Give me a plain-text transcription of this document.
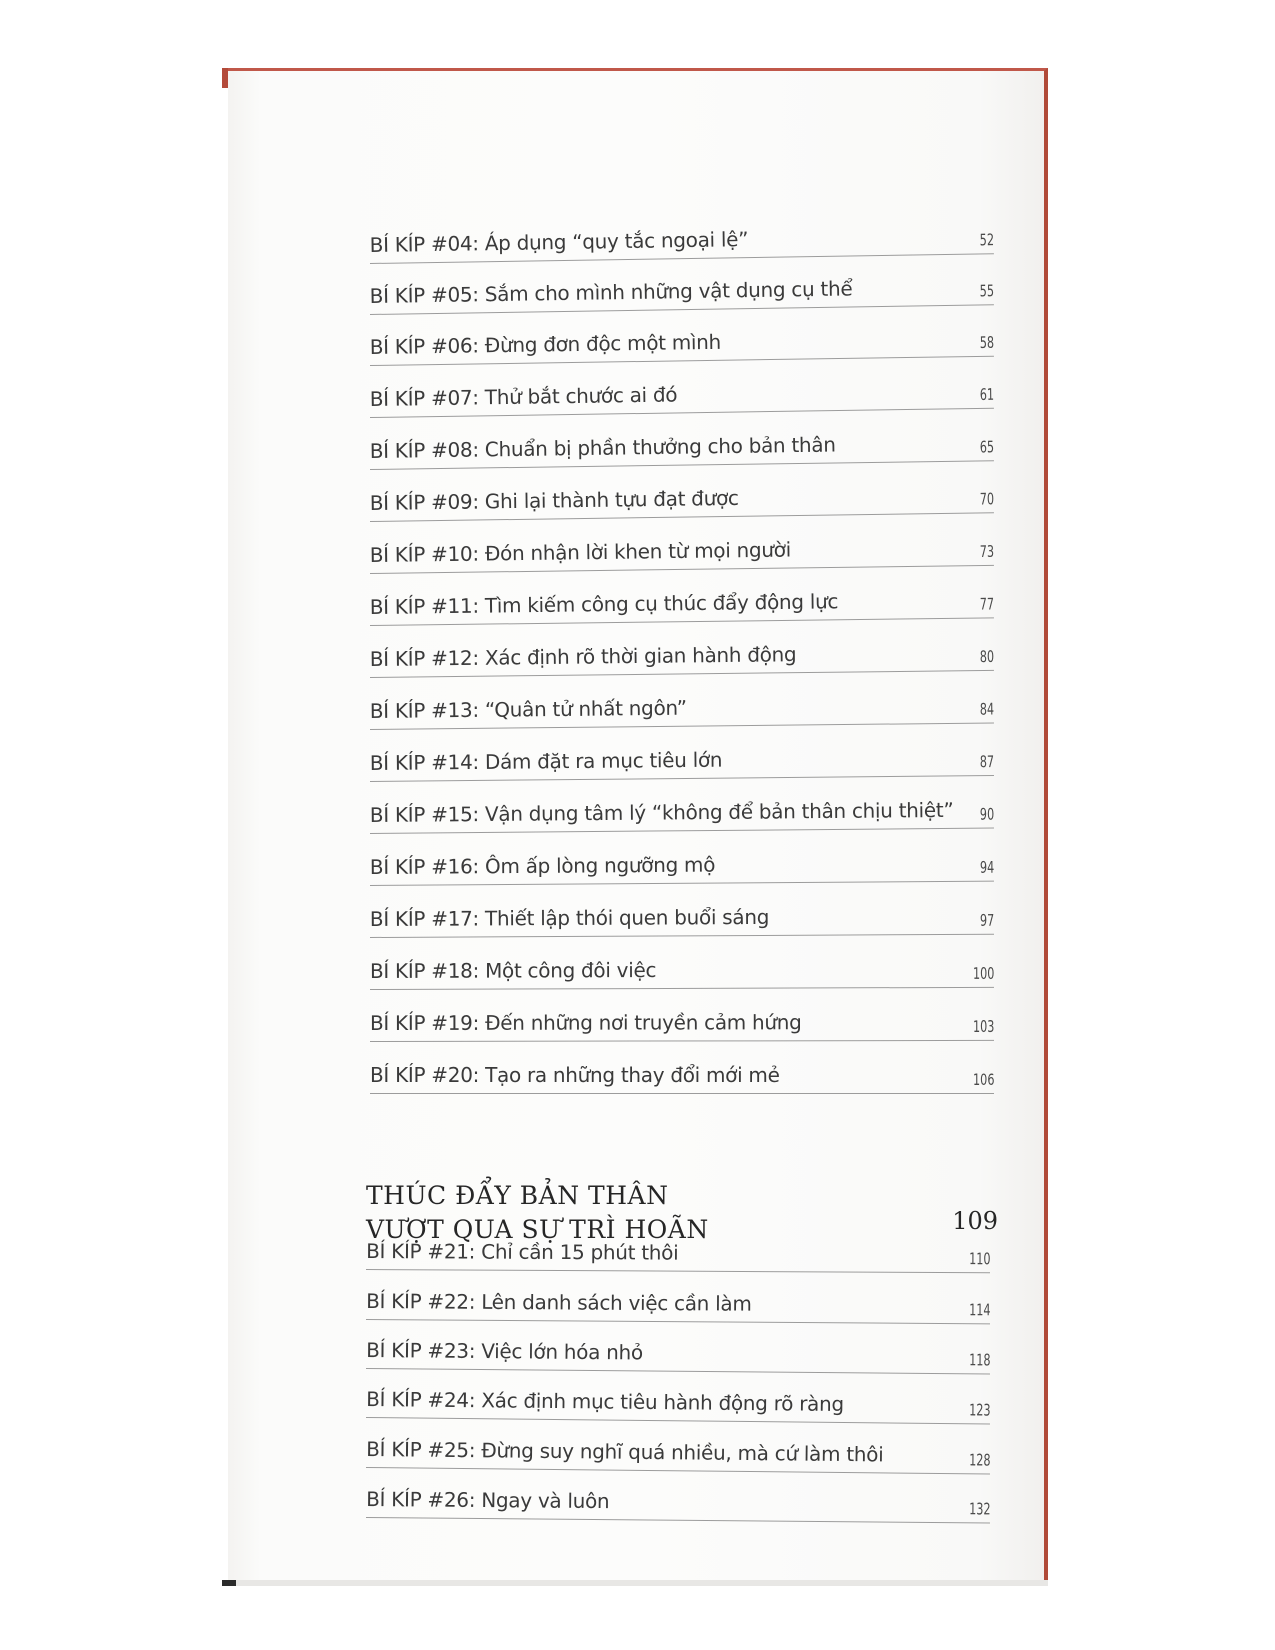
BÍ KÍP #04: Áp dụng “quy tắc ngoại lệ”	52
BÍ KÍP #05: Sắm cho mình những vật dụng cụ thể	55
BÍ KÍP #06: Đừng đơn độc một mình	58
BÍ KÍP #07: Thử bắt chước ai đó	61
BÍ KÍP #08: Chuẩn bị phần thưởng cho bản thân	65
BÍ KÍP #09: Ghi lại thành tựu đạt được	70
BÍ KÍP #10: Đón nhận lời khen từ mọi người	73
BÍ KÍP #11: Tìm kiếm công cụ thúc đẩy động lực	77
BÍ KÍP #12: Xác định rõ thời gian hành động	80
BÍ KÍP #13: “Quân tử nhất ngôn”	84
BÍ KÍP #14: Dám đặt ra mục tiêu lớn	87
BÍ KÍP #15: Vận dụng tâm lý “không để bản thân chịu thiệt” 90
BÍ KÍP #16: Ôm ấp lòng ngưỡng mộ	94
BÍ KÍP #17: Thiết lập thói quen buổi sáng	97
BÍ KÍP #18: Một công đôi việc	100
BÍ KÍP #19: Đến những nơi truyền cảm hứng	103
BÍ KÍP #20: Tạo ra những thay đổi mới mẻ	106
THÚC ĐẨY BẢN THÂN
VƯỢT QUA SỰ TRÌ HOÃN	109
BÍ KÍP #21: Chỉ cần 15 phút thôi	110
BÍ KÍP #22: Lên danh sách việc cần làm	114
BÍ KÍP #23: Việc lớn hóa nhỏ	118
BÍ KÍP #24: Xác định mục tiêu hành động rõ ràng	123
BÍ KÍP #25: Đừng suy nghĩ quá nhiều, mà cứ làm thôi	128
BÍ KÍP #26: Ngay và luôn	132
